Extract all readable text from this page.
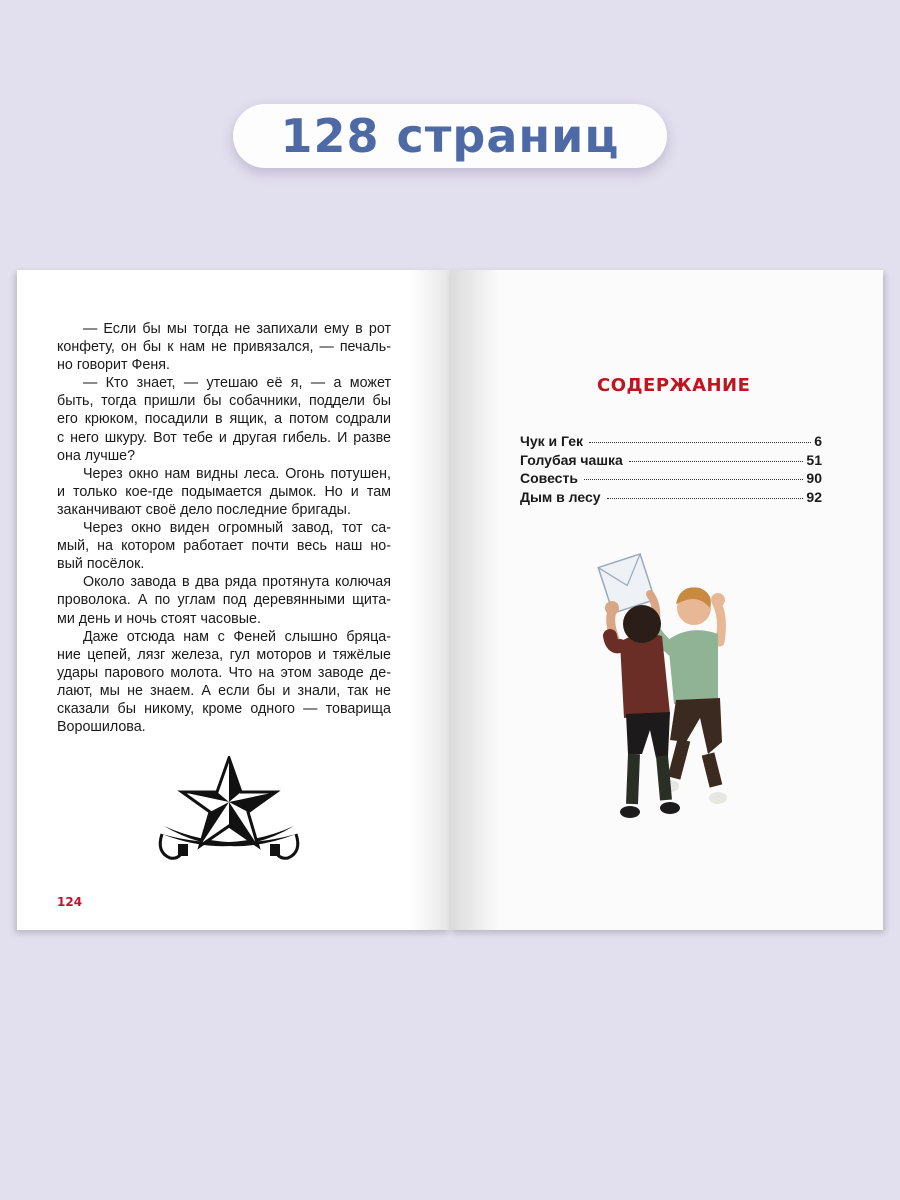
128 страниц
— Если бы мы тогда не запихали ему в рот
конфету, он бы к нам не привязался, — печаль-
но говорит Феня.
— Кто знает, — утешаю её я, — а может
быть, тогда пришли бы собачники, поддели бы
его крюком, посадили в ящик, а потом содрали
с него шкуру. Вот тебе и другая гибель. И разве
она лучше?
Через окно нам видны леса. Огонь потушен,
и только кое-где подымается дымок. Но и там
заканчивают своё дело последние бригады.
Через окно виден огромный завод, тот са-
мый, на котором работает почти весь наш но-
вый посёлок.
Около завода в два ряда протянута колючая
проволока. А по углам под деревянными щита-
ми день и ночь стоят часовые.
Даже отсюда нам с Феней слышно бряца-
ние цепей, лязг железа, гул моторов и тяжёлые
удары парового молота. Что на этом заводе де-
лают, мы не знаем. А если бы и знали, так не
сказали бы никому, кроме одного — товарища
Ворошилова.
124
СОДЕРЖАНИЕ
Чук и Гек	6
Голубая чашка	51
Совесть	90
Дым в лесу	92
